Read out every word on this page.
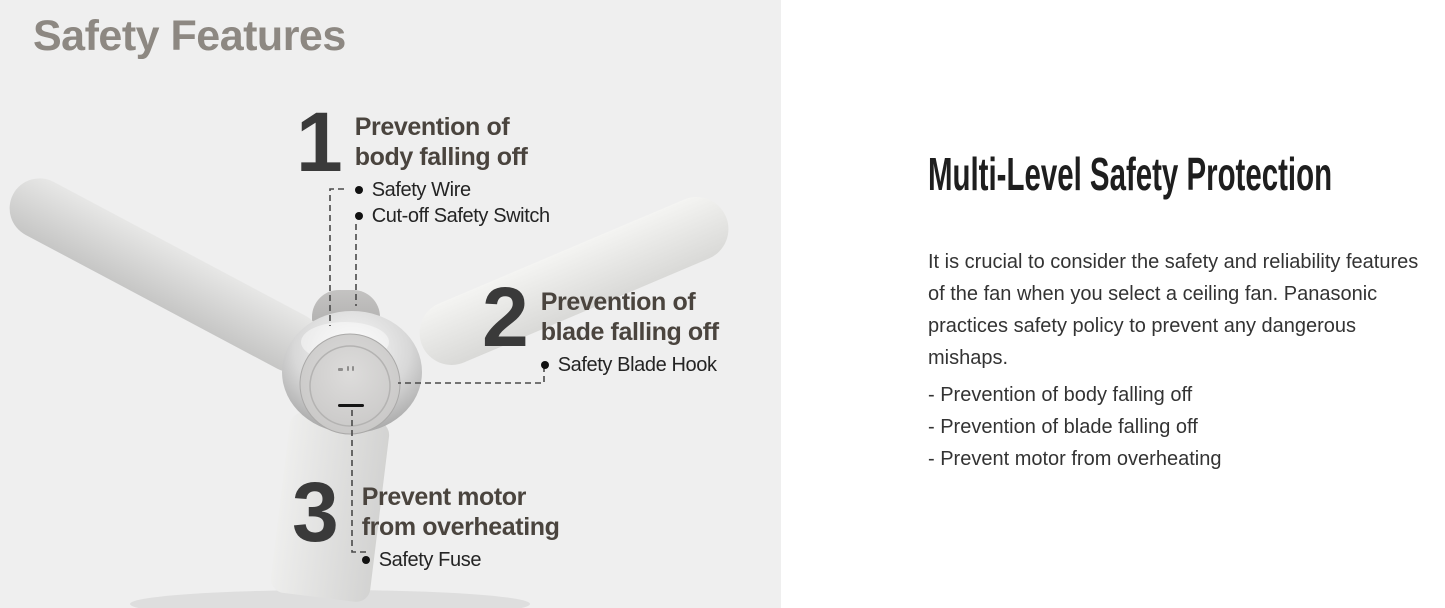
Safety Features
1 Prevention of
body falling off
Safety Wire
Cut-off Safety Switch
2 Prevention of
blade falling off
Safety Blade Hook
3 Prevent motor
from overheating
Safety Fuse
Multi-Level Safety Protection

It is crucial to consider the safety and reliability features of the fan when you select a ceiling fan. Panasonic practices safety policy to prevent any dangerous mishaps.

- Prevention of body falling off
- Prevention of blade falling off
- Prevent motor from overheating
